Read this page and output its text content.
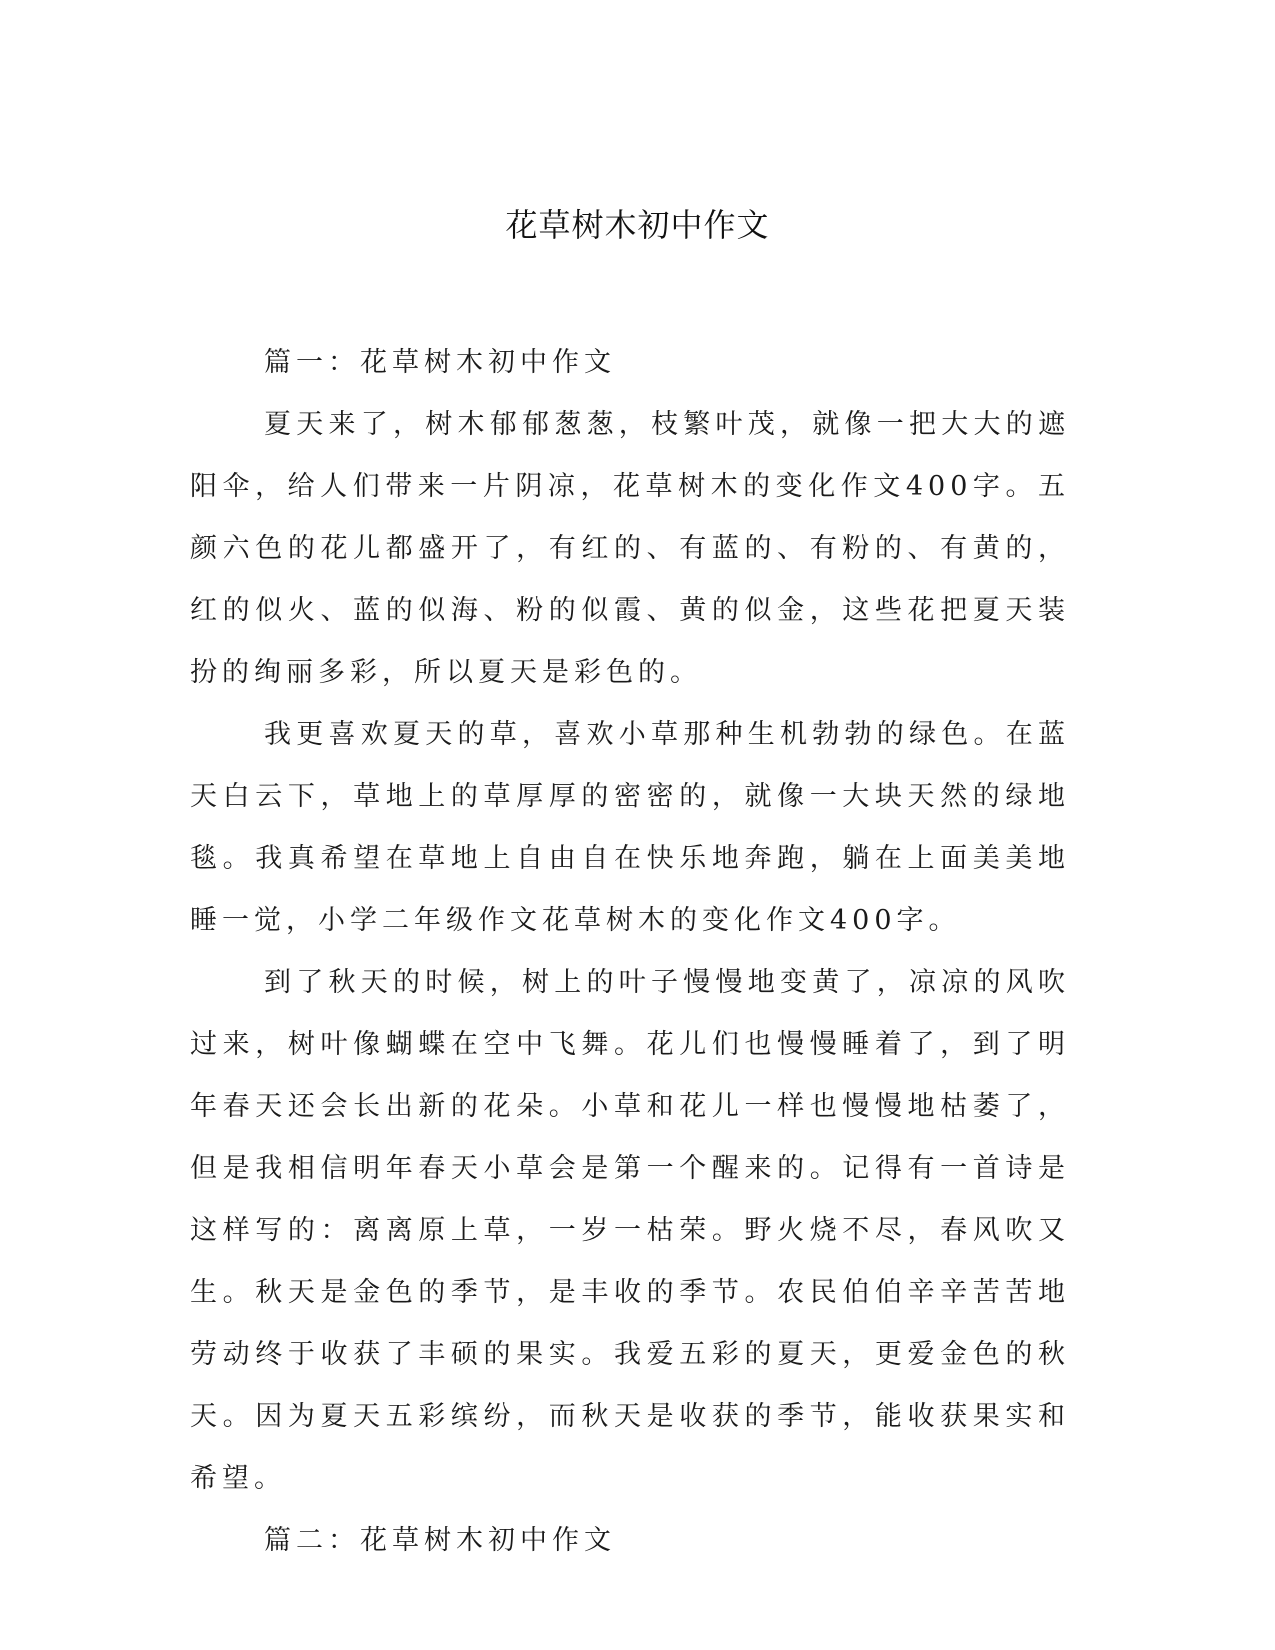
花草树木初中作文

篇一：花草树木初中作文

夏天来了，树木郁郁葱葱，枝繁叶茂，就像一把大大的遮阳伞，给人们带来一片阴凉，花草树木的变化作文400字。五颜六色的花儿都盛开了，有红的、有蓝的、有粉的、有黄的，红的似火、蓝的似海、粉的似霞、黄的似金，这些花把夏天装扮的绚丽多彩，所以夏天是彩色的。

我更喜欢夏天的草，喜欢小草那种生机勃勃的绿色。在蓝天白云下，草地上的草厚厚的密密的，就像一大块天然的绿地毯。我真希望在草地上自由自在快乐地奔跑，躺在上面美美地睡一觉，小学二年级作文花草树木的变化作文400字。

到了秋天的时候，树上的叶子慢慢地变黄了，凉凉的风吹过来，树叶像蝴蝶在空中飞舞。花儿们也慢慢睡着了，到了明年春天还会长出新的花朵。小草和花儿一样也慢慢地枯萎了，但是我相信明年春天小草会是第一个醒来的。记得有一首诗是这样写的：离离原上草，一岁一枯荣。野火烧不尽，春风吹又生。秋天是金色的季节，是丰收的季节。农民伯伯辛辛苦苦地劳动终于收获了丰硕的果实。我爱五彩的夏天，更爱金色的秋天。因为夏天五彩缤纷，而秋天是收获的季节，能收获果实和希望。

篇二：花草树木初中作文
